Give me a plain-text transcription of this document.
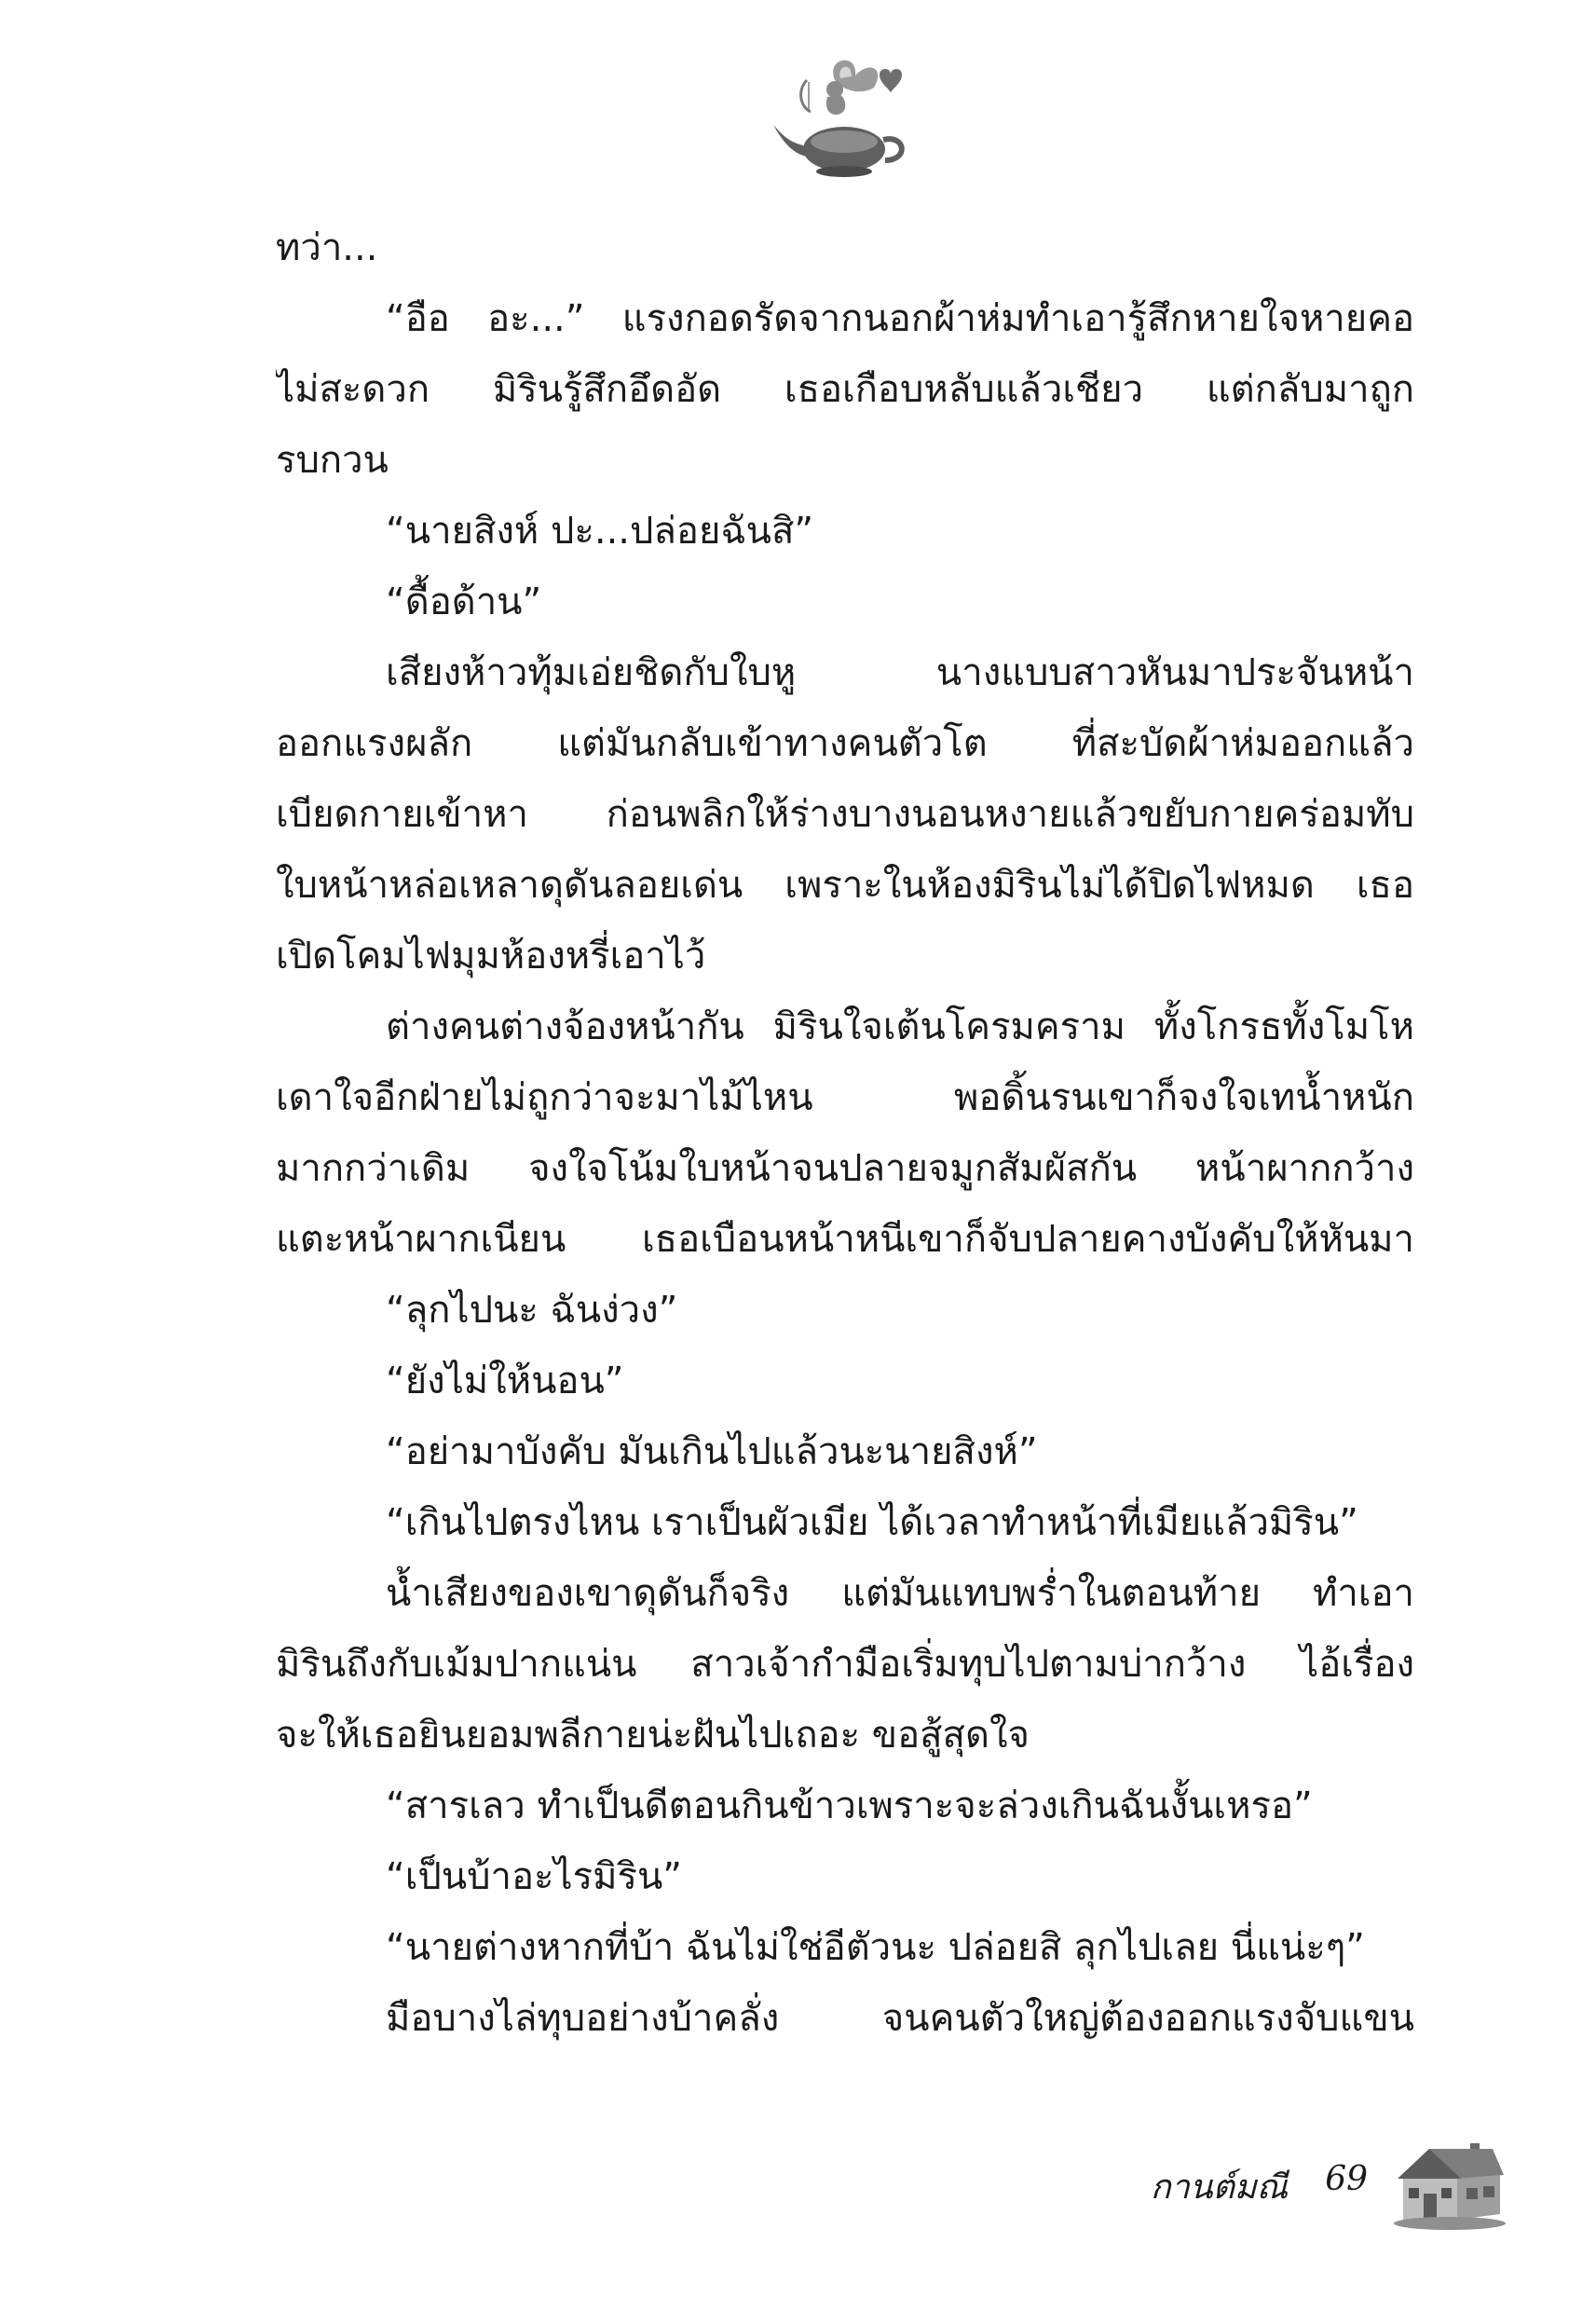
ทว่า...
“อือ อะ...” แรงกอดรัดจากนอกผ้าห่มทำเอารู้สึกหายใจหายคอ
ไม่สะดวก มิรินรู้สึกอึดอัด เธอเกือบหลับแล้วเชียว แต่กลับมาถูก
รบกวน
“นายสิงห์ ปะ...ปล่อยฉันสิ”
“ดื้อด้าน”
เสียงห้าวทุ้มเอ่ยชิดกับใบหู นางแบบสาวหันมาประจันหน้า
ออกแรงผลัก แต่มันกลับเข้าทางคนตัวโต ที่สะบัดผ้าห่มออกแล้ว
เบียดกายเข้าหา ก่อนพลิกให้ร่างบางนอนหงายแล้วขยับกายคร่อมทับ
ใบหน้าหล่อเหลาดุดันลอยเด่น เพราะในห้องมิรินไม่ได้ปิดไฟหมด เธอ
เปิดโคมไฟมุมห้องหรี่เอาไว้
ต่างคนต่างจ้องหน้ากัน มิรินใจเต้นโครมคราม ทั้งโกรธทั้งโมโห
เดาใจอีกฝ่ายไม่ถูกว่าจะมาไม้ไหน พอดิ้นรนเขาก็จงใจเทน้ำหนัก
มากกว่าเดิม จงใจโน้มใบหน้าจนปลายจมูกสัมผัสกัน หน้าผากกว้าง
แตะหน้าผากเนียน เธอเบือนหน้าหนีเขาก็จับปลายคางบังคับให้หันมา
“ลุกไปนะ ฉันง่วง”
“ยังไม่ให้นอน”
“อย่ามาบังคับ มันเกินไปแล้วนะนายสิงห์”
“เกินไปตรงไหน เราเป็นผัวเมีย ได้เวลาทำหน้าที่เมียแล้วมิริน”
น้ำเสียงของเขาดุดันก็จริง แต่มันแทบพร่ำในตอนท้าย ทำเอา
มิรินถึงกับเม้มปากแน่น สาวเจ้ากำมือเริ่มทุบไปตามบ่ากว้าง ไอ้เรื่อง
จะให้เธอยินยอมพลีกายน่ะฝันไปเถอะ ขอสู้สุดใจ
“สารเลว ทำเป็นดีตอนกินข้าวเพราะจะล่วงเกินฉันงั้นเหรอ”
“เป็นบ้าอะไรมิริน”
“นายต่างหากที่บ้า ฉันไม่ใช่อีตัวนะ ปล่อยสิ ลุกไปเลย นี่แน่ะๆ”
มือบางไล่ทุบอย่างบ้าคลั่ง จนคนตัวใหญ่ต้องออกแรงจับแขน
กานต์มณี 69
